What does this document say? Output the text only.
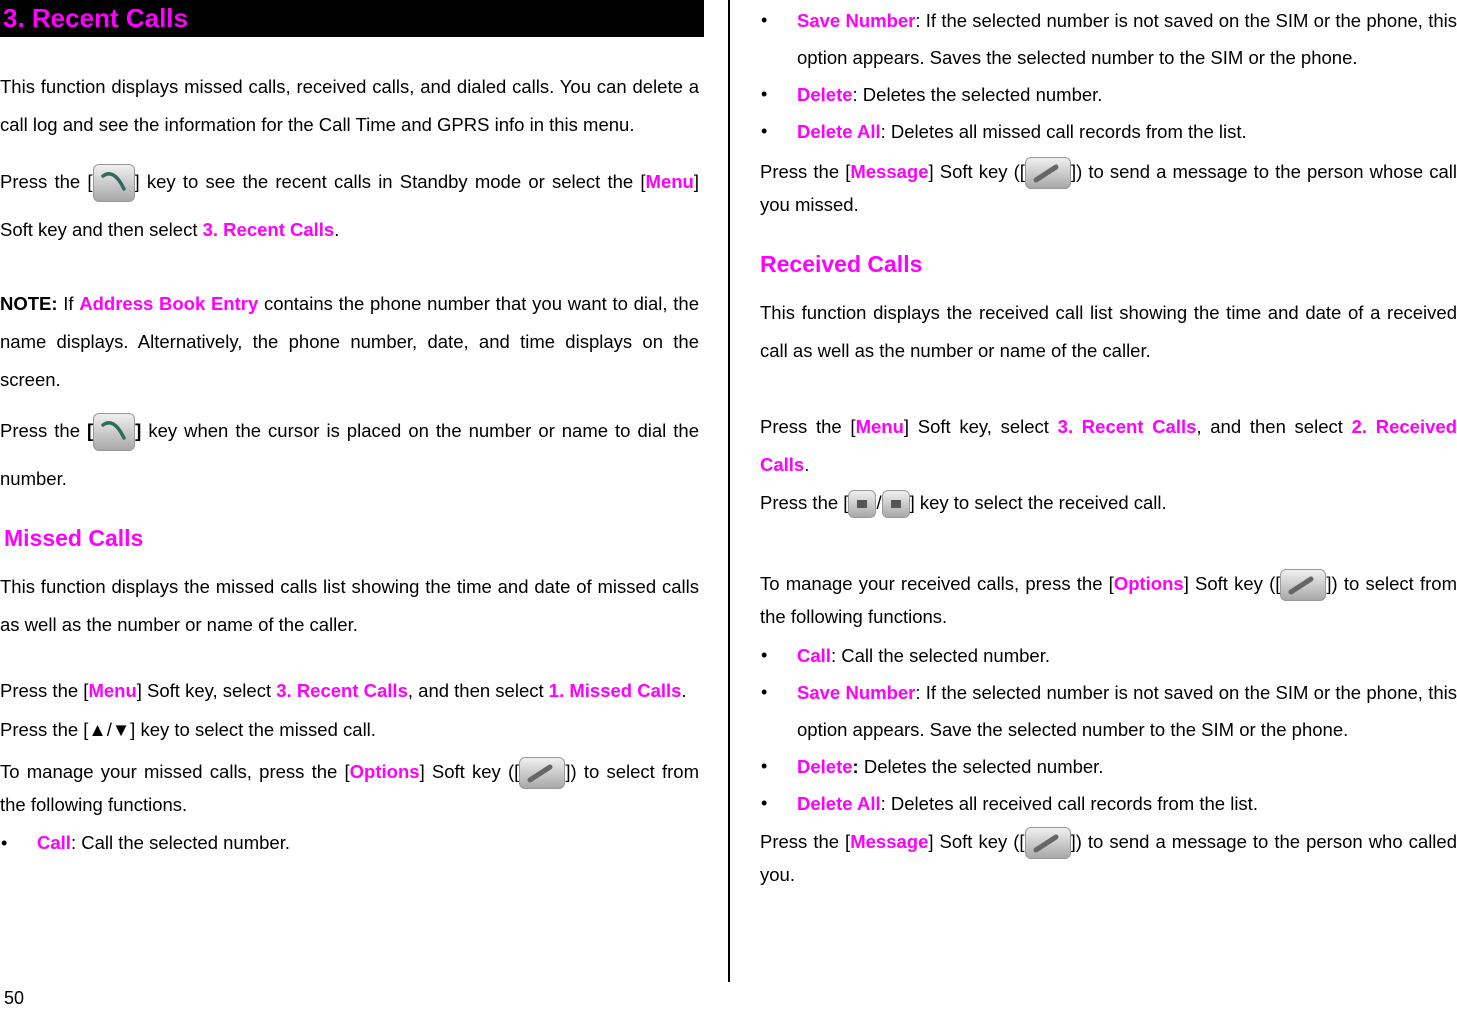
3. Recent Calls

This function displays missed calls, received calls, and dialed calls. You can delete a call log and see the information for the Call Time and GPRS info in this menu.

Press the [ ] key to see the recent calls in Standby mode or select the [Menu] Soft key and then select 3. Recent Calls.

NOTE: If Address Book Entry contains the phone number that you want to dial, the name displays. Alternatively, the phone number, date, and time displays on the screen.

Press the [ ] key when the cursor is placed on the number or name to dial the number.

Missed Calls

This function displays the missed calls list showing the time and date of missed calls as well as the number or name of the caller.

Press the [Menu] Soft key, select 3. Recent Calls, and then select 1. Missed Calls.

Press the [▲/▼] key to select the missed call.

To manage your missed calls, press the [Options] Soft key ([ ]) to select from the following functions.

• Call: Call the selected number.
• Save Number: If the selected number is not saved on the SIM or the phone, this option appears. Saves the selected number to the SIM or the phone.
• Delete: Deletes the selected number.
• Delete All: Deletes all missed call records from the list.

Press the [Message] Soft key ([ ]) to send a message to the person whose call you missed.

Received Calls

This function displays the received call list showing the time and date of a received call as well as the number or name of the caller.

Press the [Menu] Soft key, select 3. Recent Calls, and then select 2. Received Calls.

Press the [ / ] key to select the received call.

To manage your received calls, press the [Options] Soft key ([ ]) to select from the following functions.

• Call: Call the selected number.
• Save Number: If the selected number is not saved on the SIM or the phone, this option appears. Save the selected number to the SIM or the phone.
• Delete: Deletes the selected number.
• Delete All: Deletes all received call records from the list.

Press the [Message] Soft key ([ ]) to send a message to the person who called you.

50
